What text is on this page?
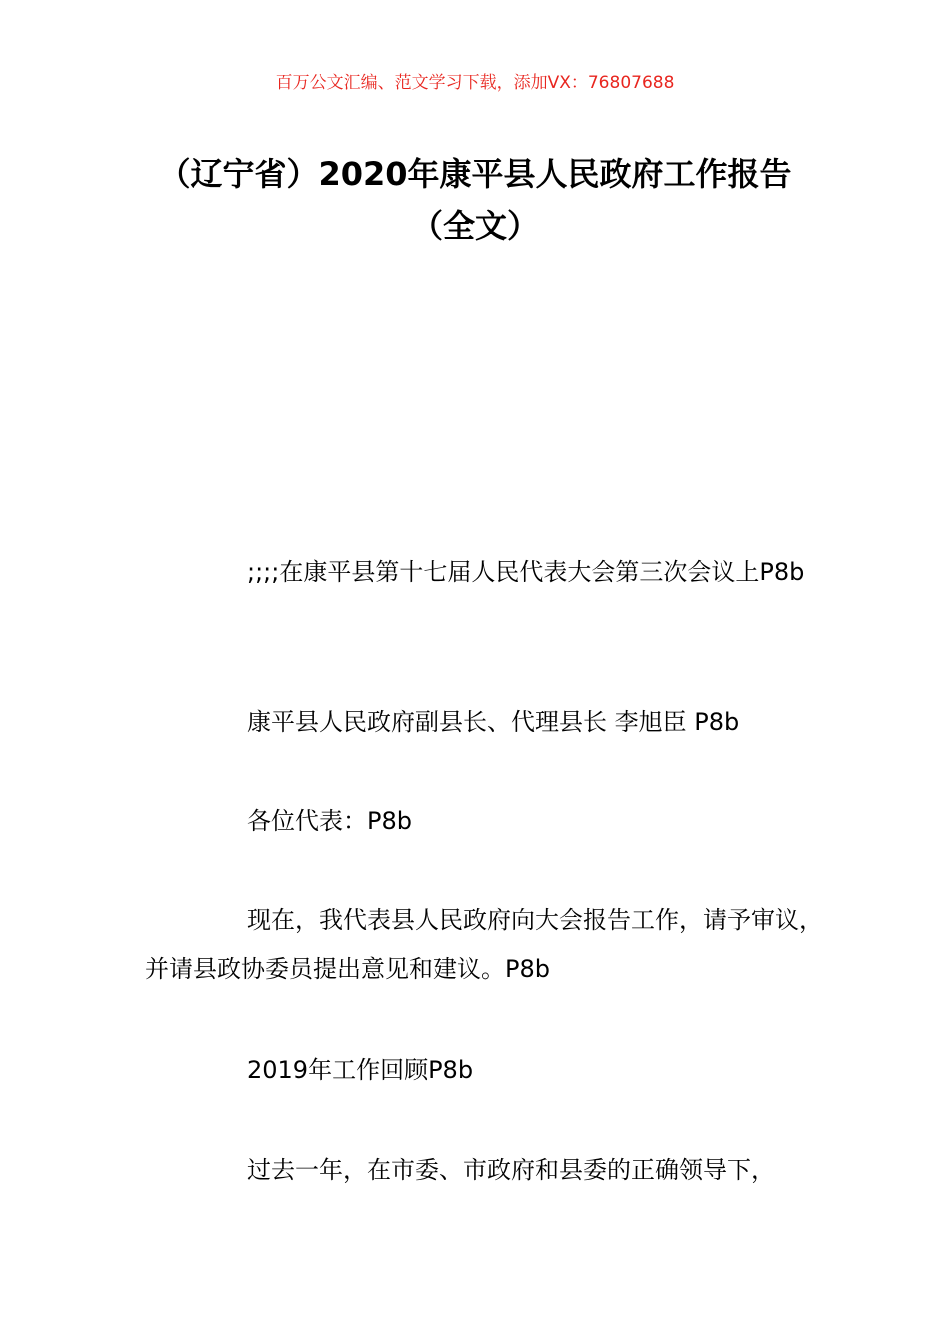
百万公文汇编、范文学习下载，添加VX：76807688
（辽宁省）2020年康平县人民政府工作报告（全文）
;;;;在康平县第十七届人民代表大会第三次会议上P8b
康平县人民政府副县长、代理县长 李旭臣 P8b
各位代表：P8b
现在，我代表县人民政府向大会报告工作，请予审议，并请县政协委员提出意见和建议。P8b
2019年工作回顾P8b
过去一年，在市委、市政府和县委的正确领导下，
